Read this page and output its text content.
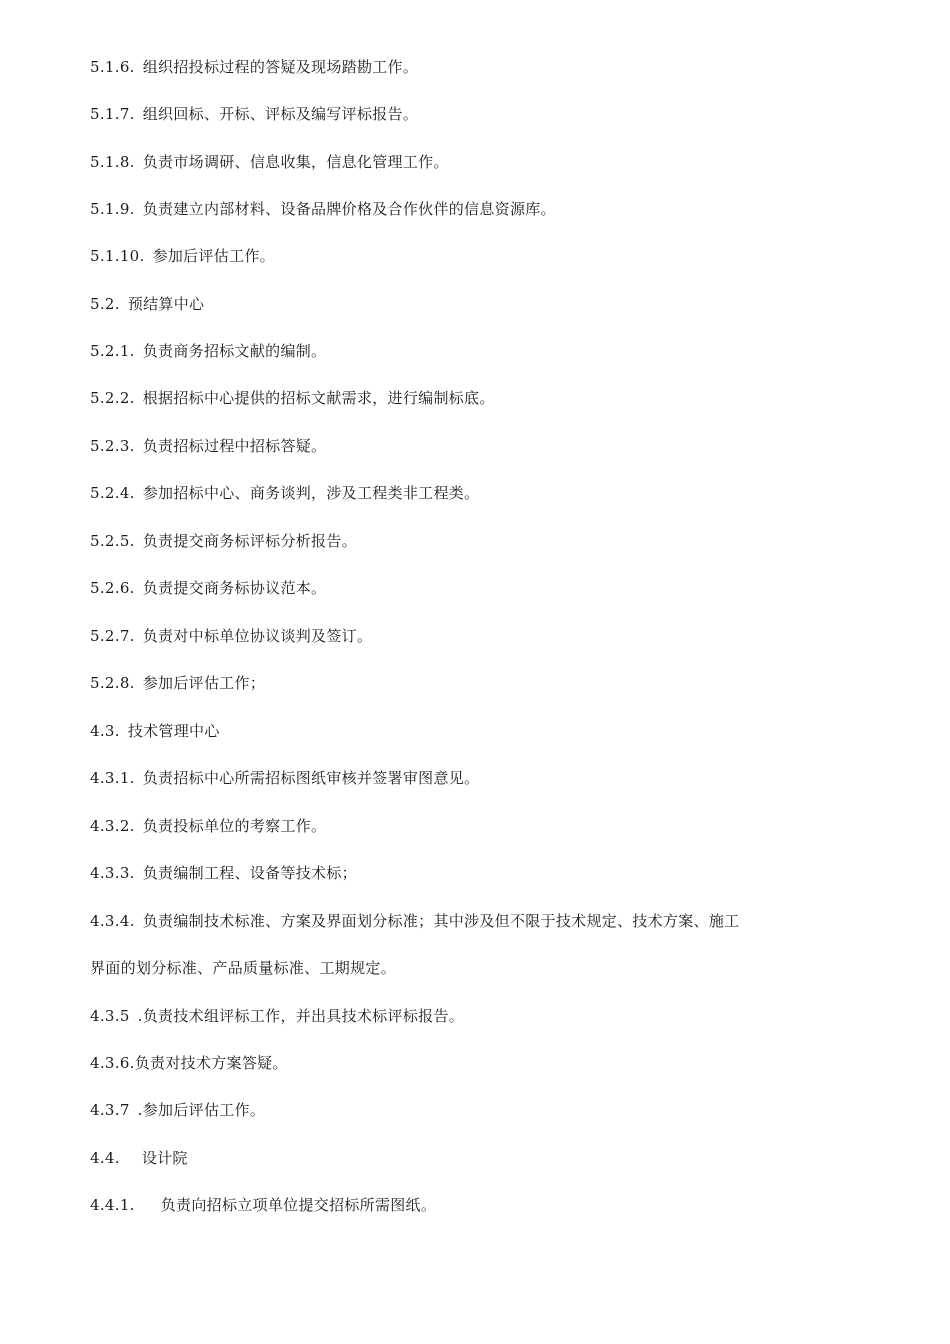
5.1.6. 组织招投标过程的答疑及现场踏勘工作。
5.1.7. 组织回标、开标、评标及编写评标报告。
5.1.8. 负责市场调研、信息收集，信息化管理工作。
5.1.9. 负责建立内部材料、设备品牌价格及合作伙伴的信息资源库。
5.1.10. 参加后评估工作。
5.2. 预结算中心
5.2.1. 负责商务招标文献的编制。
5.2.2. 根据招标中心提供的招标文献需求，进行编制标底。
5.2.3. 负责招标过程中招标答疑。
5.2.4. 参加招标中心、商务谈判，涉及工程类非工程类。
5.2.5. 负责提交商务标评标分析报告。
5.2.6. 负责提交商务标协议范本。
5.2.7. 负责对中标单位协议谈判及签订。
5.2.8. 参加后评估工作；
4.3. 技术管理中心
4.3.1. 负责招标中心所需招标图纸审核并签署审图意见。
4.3.2. 负责投标单位的考察工作。
4.3.3. 负责编制工程、设备等技术标；
4.3.4. 负责编制技术标准、方案及界面划分标准；其中涉及但不限于技术规定、技术方案、施工
界面的划分标准、产品质量标准、工期规定。
4.3.5 .负责技术组评标工作，并出具技术标评标报告。
4.3.6.负责对技术方案答疑。
4.3.7 .参加后评估工作。
4.4. 设计院
4.4.1. 负责向招标立项单位提交招标所需图纸。
